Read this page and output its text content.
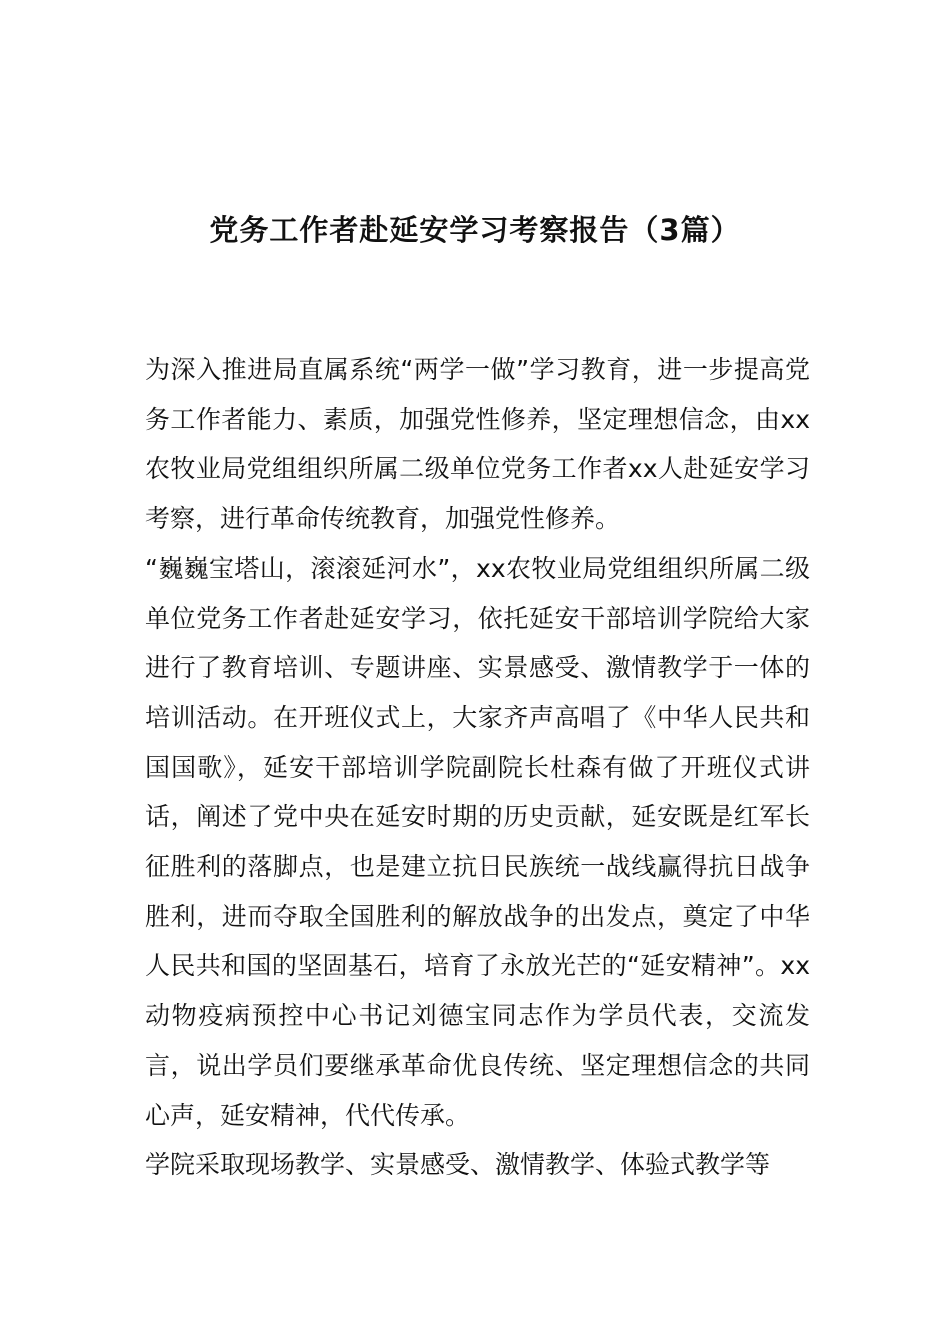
党务工作者赴延安学习考察报告（3篇）

为深入推进局直属系统“两学一做”学习教育，进一步提高党务工作者能力、素质，加强党性修养，坚定理想信念，由xx农牧业局党组组织所属二级单位党务工作者xx人赴延安学习考察，进行革命传统教育，加强党性修养。

“巍巍宝塔山，滚滚延河水”，xx农牧业局党组组织所属二级单位党务工作者赴延安学习，依托延安干部培训学院给大家进行了教育培训、专题讲座、实景感受、激情教学于一体的培训活动。在开班仪式上，大家齐声高唱了《中华人民共和国国歌》，延安干部培训学院副院长杜森有做了开班仪式讲话，阐述了党中央在延安时期的历史贡献，延安既是红军长征胜利的落脚点，也是建立抗日民族统一战线赢得抗日战争胜利，进而夺取全国胜利的解放战争的出发点，奠定了中华人民共和国的坚固基石，培育了永放光芒的“延安精神”。xx动物疫病预控中心书记刘德宝同志作为学员代表，交流发言，说出学员们要继承革命优良传统、坚定理想信念的共同心声，延安精神，代代传承。

学院采取现场教学、实景感受、激情教学、体验式教学等
